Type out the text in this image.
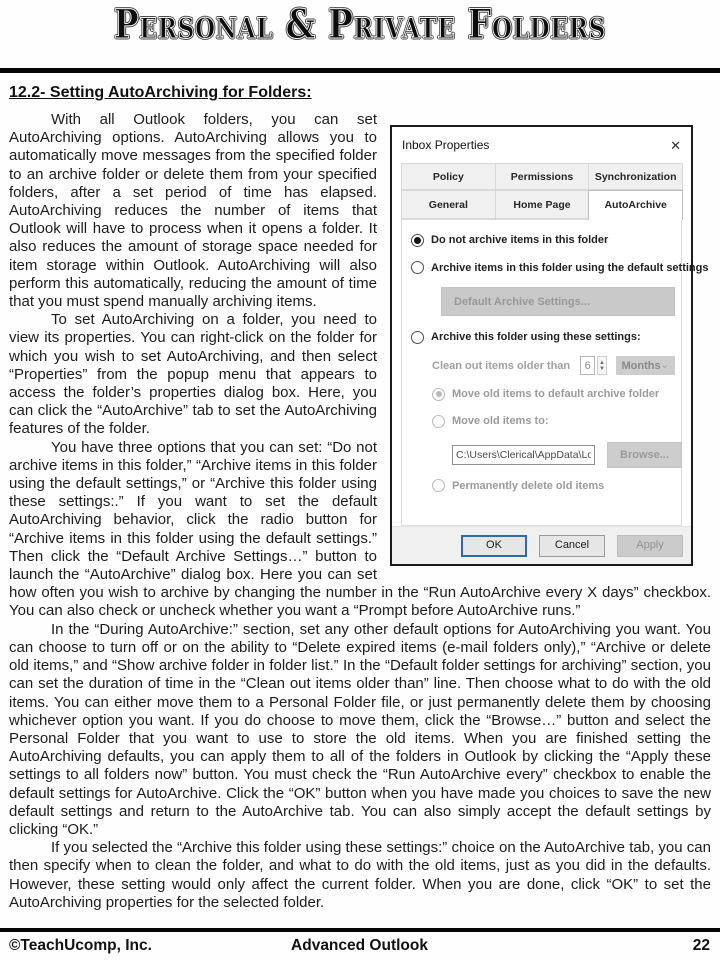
Personal & Private Folders
12.2- Setting AutoArchiving for Folders:
Inbox Properties	✕
Policy	Permissions	Synchronization
General	Home Page	AutoArchive
Do not archive items in this folder
Archive items in this folder using the default settings
Default Archive Settings...
Archive this folder using these settings:
Clean out items older than	6	▲
▼ Months ⌄
Move old items to default archive folder
Move old items to:
C:\Users\Clerical\AppData\Local\Microsc
Browse...
Permanently delete old items
OK	Cancel	Apply

With all Outlook folders, you can set AutoArchiving options. AutoArchiving allows you to automatically move messages from the specified folder to an archive folder or delete them from your specified folders, after a set period of time has elapsed. AutoArchiving reduces the number of items that Outlook will have to process when it opens a folder. It also reduces the amount of storage space needed for item storage within Outlook. AutoArchiving will also perform this automatically, reducing the amount of time that you must spend manually archiving items.

To set AutoArchiving on a folder, you need to view its properties. You can right-click on the folder for which you wish to set AutoArchiving, and then select “Properties” from the popup menu that appears to access the folder’s properties dialog box. Here, you can click the “AutoArchive” tab to set the AutoArchiving features of the folder.

You have three options that you can set: “Do not archive items in this folder,” “Archive items in this folder using the default settings,” or “Archive this folder using these settings:.” If you want to set the default AutoArchiving behavior, click the radio button for “Archive items in this folder using the default settings.” Then click the “Default Archive Settings…” button to launch the “AutoArchive” dialog box. Here you can set how often you wish to archive by changing the number in the “Run AutoArchive every X days” checkbox. You can also check or uncheck whether you want a “Prompt before AutoArchive runs.”

In the “During AutoArchive:” section, set any other default options for AutoArchiving you want. You can choose to turn off or on the ability to “Delete expired items (e-mail folders only),” “Archive or delete old items,” and “Show archive folder in folder list.” In the “Default folder settings for archiving” section, you can set the duration of time in the “Clean out items older than” line. Then choose what to do with the old items. You can either move them to a Personal Folder file, or just permanently delete them by choosing whichever option you want. If you do choose to move them, click the “Browse…” button and select the Personal Folder that you want to use to store the old items. When you are finished setting the AutoArchiving defaults, you can apply them to all of the folders in Outlook by clicking the “Apply these settings to all folders now” button. You must check the “Run AutoArchive every” checkbox to enable the default settings for AutoArchive. Click the “OK” button when you have made you choices to save the new default settings and return to the AutoArchive tab. You can also simply accept the default settings by clicking “OK.”

If you selected the “Archive this folder using these settings:” choice on the AutoArchive tab, you can then specify when to clean the folder, and what to do with the old items, just as you did in the defaults. However, these setting would only affect the current folder. When you are done, click “OK” to set the AutoArchiving properties for the selected folder.

©TeachUcomp, Inc.	Advanced Outlook	22
